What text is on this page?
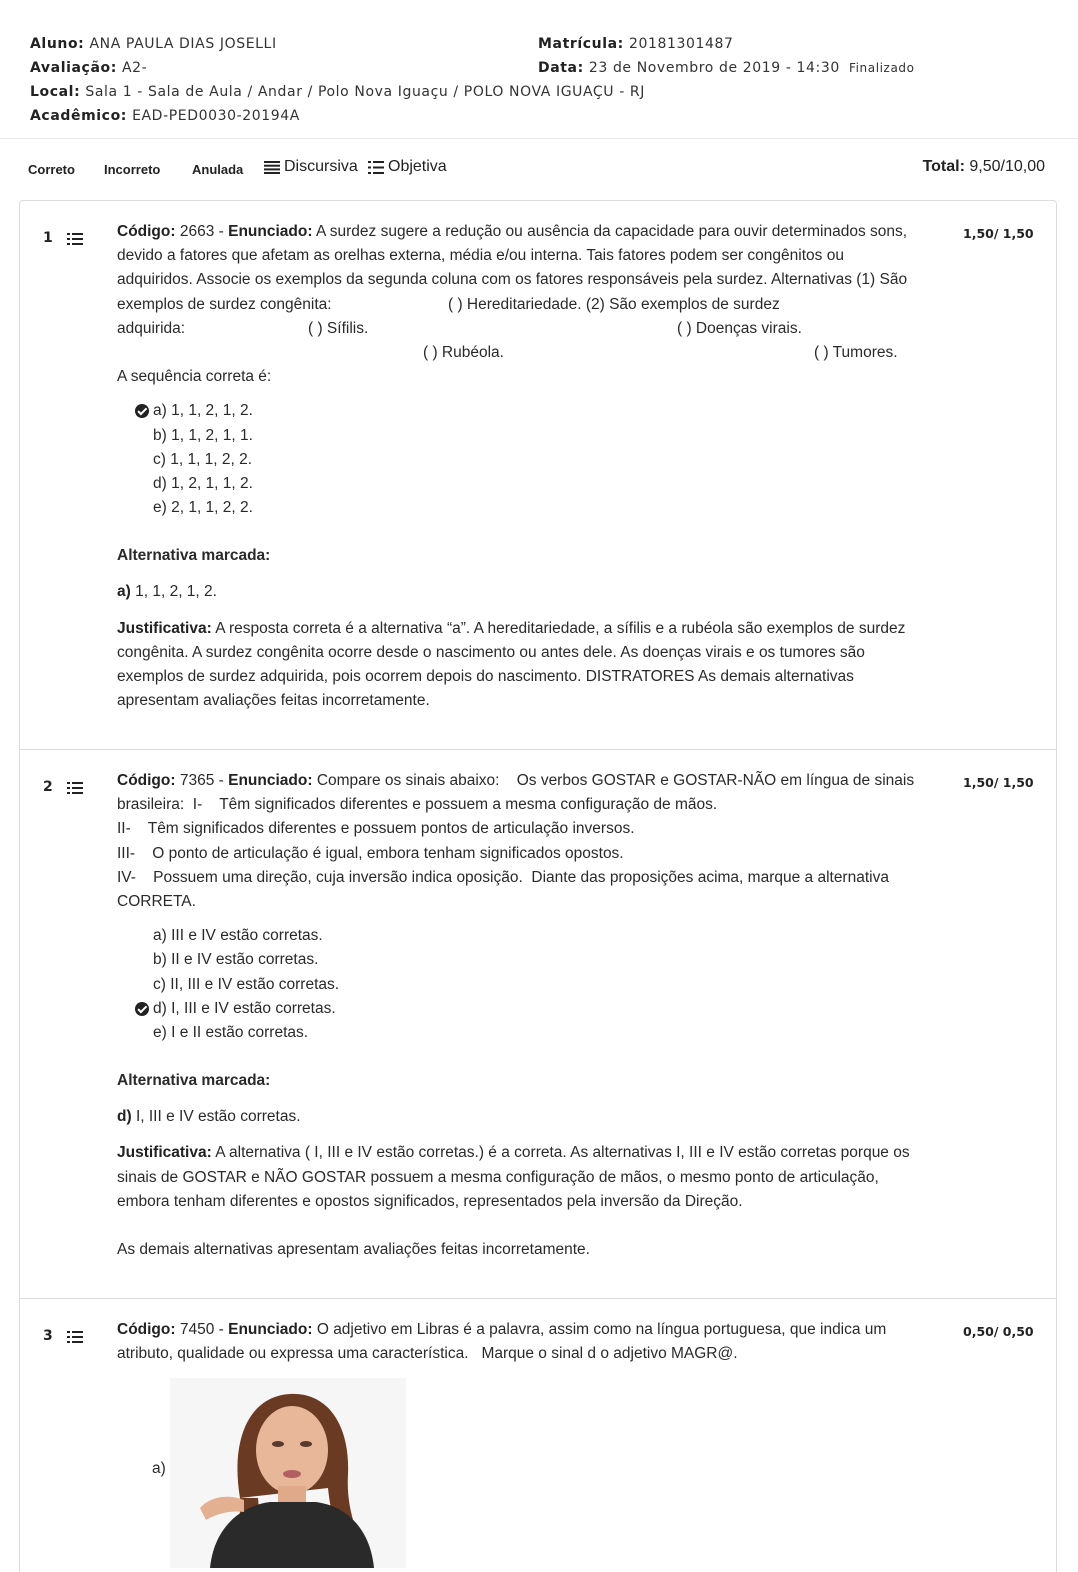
Aluno: ANA PAULA DIAS JOSELLI	Matrícula: 20181301487
Avaliação: A2-	Data: 23 de Novembro de 2019 - 14:30 Finalizado
Local: Sala 1 - Sala de Aula / Andar / Polo Nova Iguaçu / POLO NOVA IGUAÇU - RJ
Acadêmico: EAD-PED0030-20194A
Correto Incorreto Anulada	Discursiva Objetiva	Total: 9,50/10,00
1	1,50/ 1,50
Código: 2663 - Enunciado: A surdez sugere a redução ou ausência da capacidade para ouvir determinados sons,
devido a fatores que afetam as orelhas externa, média e/ou interna. Tais fatores podem ser congênitos ou
adquiridos. Associe os exemplos da segunda coluna com os fatores responsáveis pela surdez. Alternativas (1) São
exemplos de surdez congênita:	( ) Hereditariedade. (2) São exemplos de surdez
adquirida:	( ) Sífilis.	( ) Doenças virais.
( ) Rubéola.	( ) Tumores.
A sequência correta é:
a) 1, 1, 2, 1, 2.
b) 1, 1, 2, 1, 1.
c) 1, 1, 1, 2, 2.
d) 1, 2, 1, 1, 2.
e) 2, 1, 1, 2, 2.
Alternativa marcada:
a) 1, 1, 2, 1, 2.
Justificativa: A resposta correta é a alternativa “a”. A hereditariedade, a sífilis e a rubéola são exemplos de surdez
congênita. A surdez congênita ocorre desde o nascimento ou antes dele. As doenças virais e os tumores são
exemplos de surdez adquirida, pois ocorrem depois do nascimento. DISTRATORES As demais alternativas
apresentam avaliações feitas incorretamente.
2	1,50/ 1,50
Código: 7365 - Enunciado: Compare os sinais abaixo:    Os verbos GOSTAR e GOSTAR-NÃO em língua de sinais
brasileira:  I-    Têm significados diferentes e possuem a mesma configuração de mãos.
II-    Têm significados diferentes e possuem pontos de articulação inversos.
III-    O ponto de articulação é igual, embora tenham significados opostos.
IV-    Possuem uma direção, cuja inversão indica oposição.  Diante das proposições acima, marque a alternativa
CORRETA.
a) III e IV estão corretas.
b) II e IV estão corretas.
c) II, III e IV estão corretas.
d) I, III e IV estão corretas.
e) I e II estão corretas.
Alternativa marcada:
d) I, III e IV estão corretas.
Justificativa: A alternativa ( I, III e IV estão corretas.) é a correta. As alternativas I, III e IV estão corretas porque os
sinais de GOSTAR e NÃO GOSTAR possuem a mesma configuração de mãos, o mesmo ponto de articulação,
embora tenham diferentes e opostos significados, representados pela inversão da Direção.
As demais alternativas apresentam avaliações feitas incorretamente.
3	0,50/ 0,50
Código: 7450 - Enunciado: O adjetivo em Libras é a palavra, assim como na língua portuguesa, que indica um
atributo, qualidade ou expressa uma característica.   Marque o sinal d o adjetivo MAGR@.
a)
